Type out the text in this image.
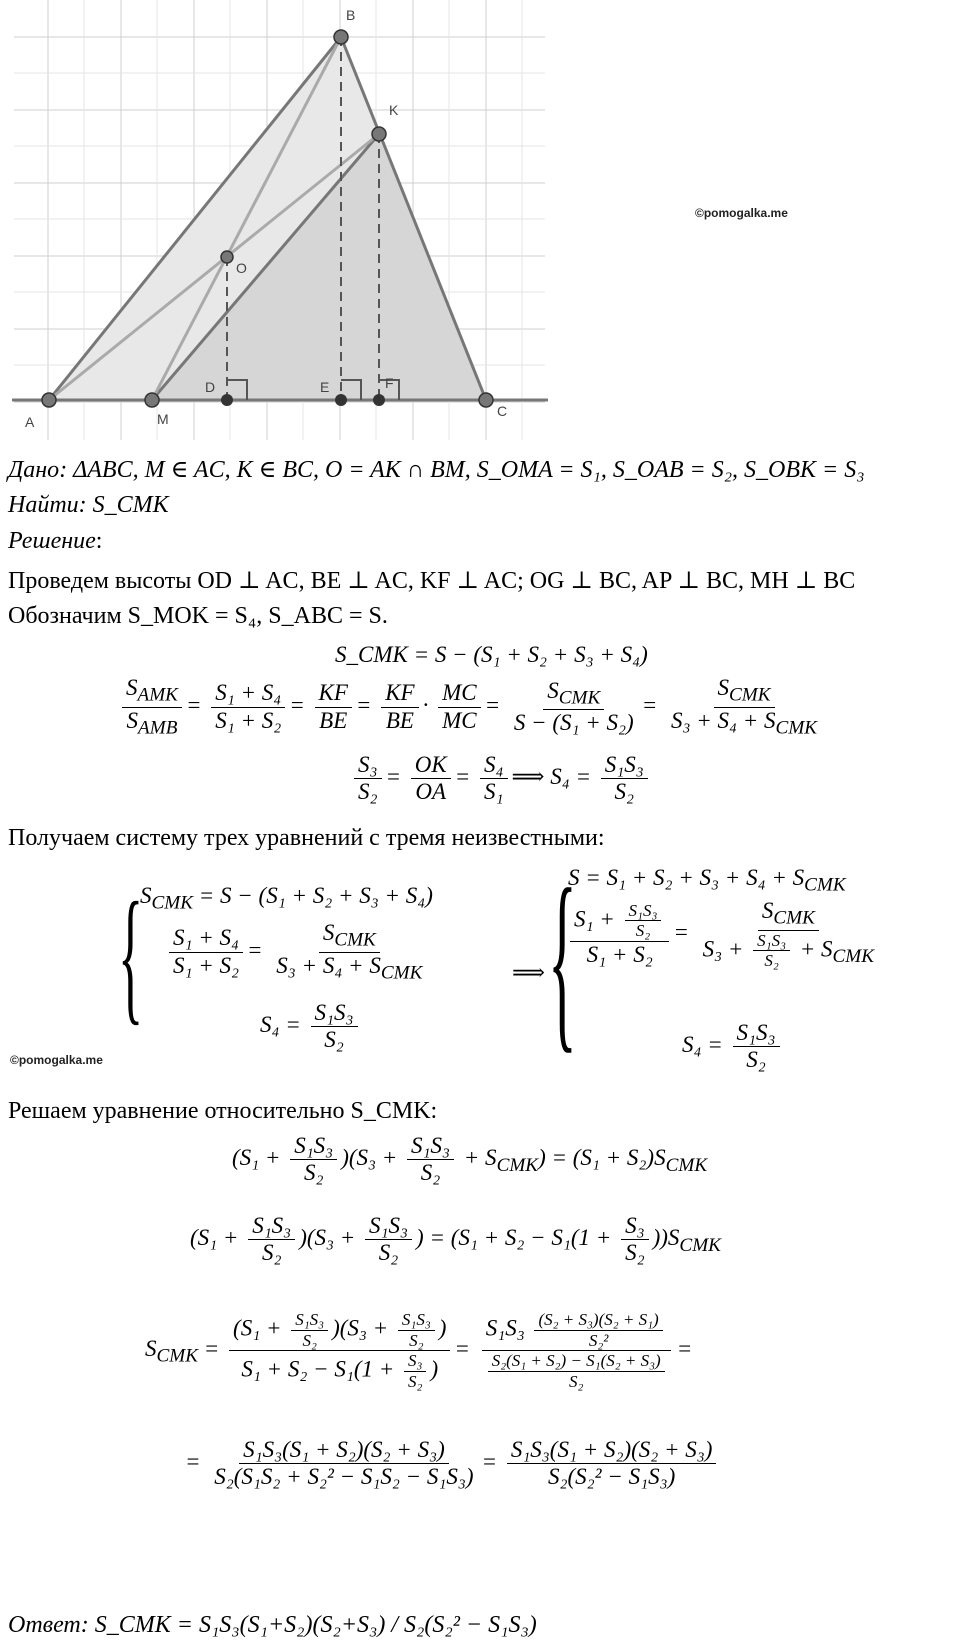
A	M	C
B
K
O
D	E	F
©pomogalka.me
Дано: ΔABC, M ∈ AC, K ∈ BC, O = AK ∩ BM, S_OMA = S₁, S_OAB = S₂, S_OBK = S₃
Найти: S_CMK
Решение:
Проведем высоты OD ⊥ AC, BE ⊥ AC, KF ⊥ AC; OG ⊥ BC, AP ⊥ BC, MH ⊥ BC
Обозначим S_MOK = S₄, S_ABC = S.
S_CMK = S − (S₁ + S₂ + S₃ + S₄)
$\frac{S_{AMK}}{S_{AMB}} = \frac{\text{S₁ + S₄}}{\text{S₁ + S₂}} = \frac{KF}{BE} = \frac{KF}{BE} \cdot \frac{MC}{MC} = \frac{S_{CMK}}{\text{S − (S₁ + S₂)}} = \frac{S_{CMK}}{S_3 + S_4 + S_{CMK}}$
$\frac{\text{S₃}}{\text{S₂}} = \frac{OK}{OA} = \frac{\text{S₄}}{\text{S₁}}$ ⟹ $S_4 = \frac{\text{S₁S₃}}{\text{S₂}}$
Получаем систему трех уравнений с тремя неизвестными:
{
$S_{CMK} = S - (S_1 + S_2 + S_3 + S_4)$
$\frac{\text{S₁ + S₄}}{\text{S₁ + S₂}} = \frac{S_{CMK}}{S_3 + S_4 + S_{CMK}}$
$S_4 = \frac{\text{S₁S₃}}{\text{S₂}}$
⟹ {
$S = S_1 + S_2 + S_3 + S_4 + S_{CMK}$
$\frac{S_1 + \frac{\text{S₁S₃}}{\text{S₂}}}{\text{S₁ + S₂}} = \frac{S_{CMK}}{S_3 + \frac{\text{S₁S₃}}{\text{S₂}} + S_{CMK}}$
$S_4 = \frac{\text{S₁S₃}}{\text{S₂}}$
©pomogalka.me
Решаем уравнение относительно S_CMK:
$(S_1 + \frac{\text{S₁S₃}}{\text{S₂}} )(S_3 + \frac{\text{S₁S₃}}{\text{S₂}} + S_{CMK}) = (S_1 + S_2)S_{CMK}$
$(S_1 + \frac{\text{S₁S₃}}{\text{S₂}} )(S_3 + \frac{\text{S₁S₃}}{\text{S₂}}$ ) = $(S_1 + S_2 - S_1(1 + \frac{\text{S₃}}{\text{S₂}} ))S_{CMK}$
$S_{CMK} = \frac{(S_1 + \frac{\text{S₁S₃}}{\text{S₂}} )(S_3 + \frac{\text{S₁S₃}}{\text{S₂}} )}{S_1 + S_2 - S_1(1 + \frac{\text{S₃}}{\text{S₂}} )} = \frac{S_1S_3 \frac{\text{(S₂ + S₃)(S₂ + S₁)}}{\text{S₂²}}}{\frac{\text{S₂(S₁ + S₂) − S₁(S₂ + S₃)}}{\text{S₂}}}$ =
= $\frac{\text{S₁S₃(S₁ + S₂)(S₂ + S₃)}}{\text{S₂(S₁S₂ + S₂² − S₁S₂ − S₁S₃)}} = \frac{\text{S₁S₃(S₁ + S₂)(S₂ + S₃)}}{\text{S₂(S₂² − S₁S₃)}}$
Ответ: S_CMK = S₁S₃(S₁+S₂)(S₂+S₃) / S₂(S₂² − S₁S₃)
